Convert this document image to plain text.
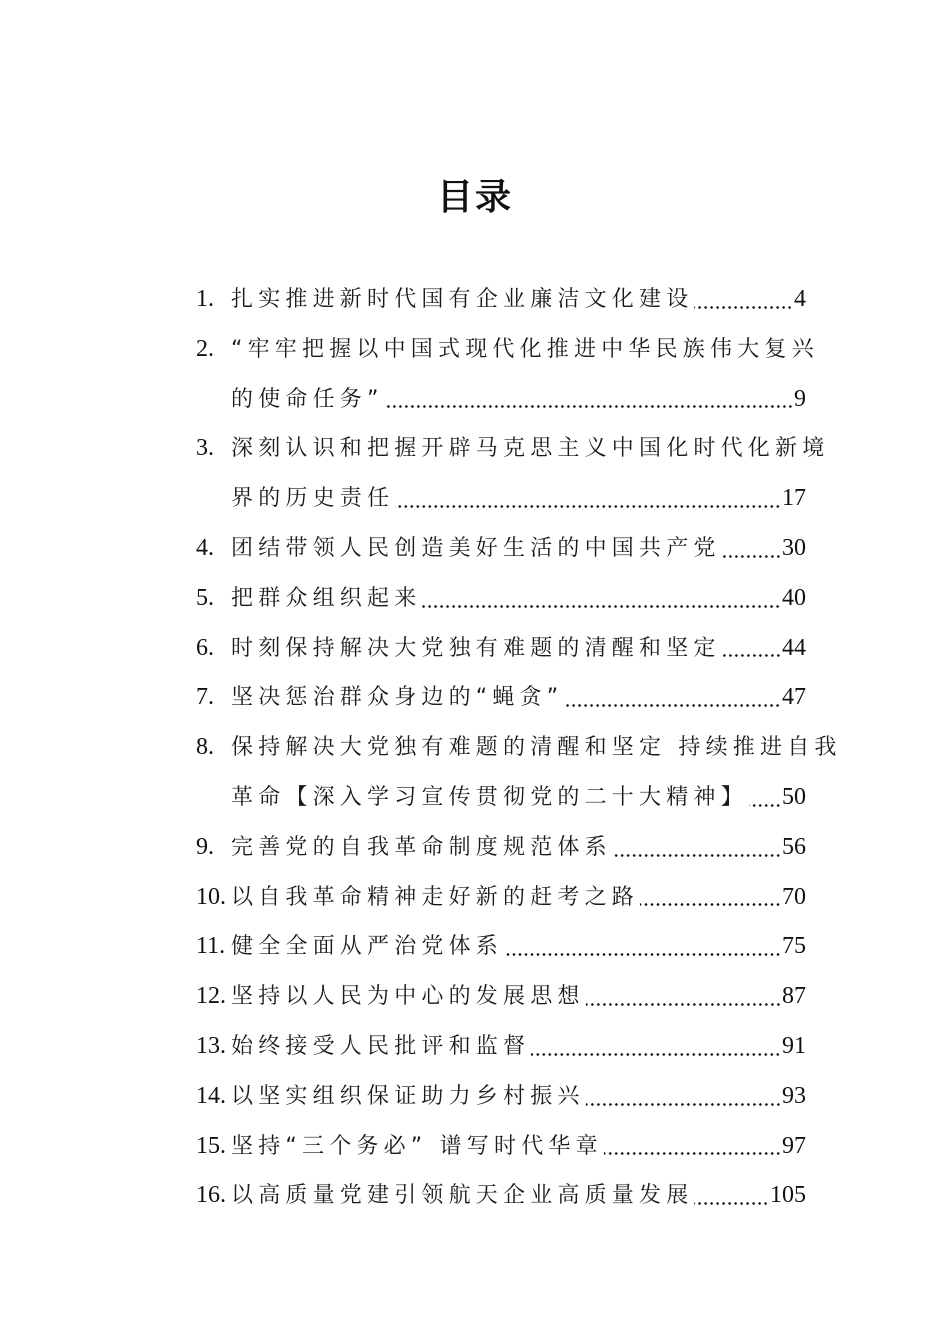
目录
1. 扎实推进新时代国有企业廉洁文化建设	4
2. “牢牢把握以中国式现代化推进中华民族伟大复兴
的使命任务”	9
3. 深刻认识和把握开辟马克思主义中国化时代化新境
界的历史责任	17
4. 团结带领人民创造美好生活的中国共产党	30
5. 把群众组织起来	40
6. 时刻保持解决大党独有难题的清醒和坚定	44
7. 坚决惩治群众身边的“蝇贪”	47
8. 保持解决大党独有难题的清醒和坚定 持续推进自我
革命【深入学习宣传贯彻党的二十大精神】 50
9. 完善党的自我革命制度规范体系	56
10. 以自我革命精神走好新的赶考之路	70
11. 健全全面从严治党体系	75
12. 坚持以人民为中心的发展思想	87
13. 始终接受人民批评和监督	91
14. 以坚实组织保证助力乡村振兴	93
15. 坚持“三个务必” 谱写时代华章	97
16. 以高质量党建引领航天企业高质量发展	105
